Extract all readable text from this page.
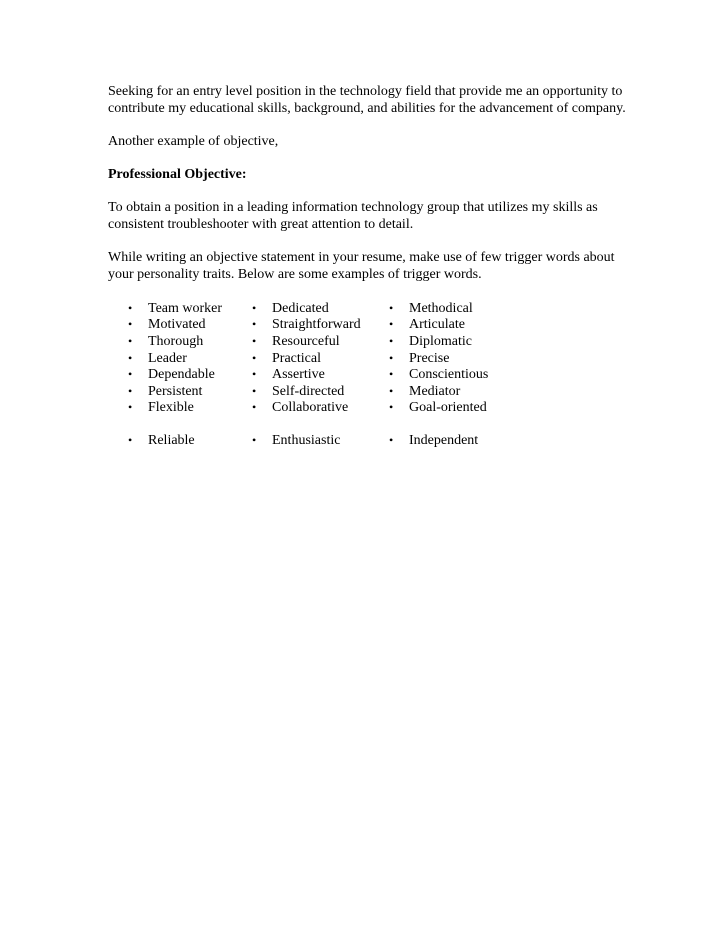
Seeking for an entry level position in the technology field that provide me an opportunity to contribute my educational skills, background, and abilities for the advancement of company.

Another example of objective,

Professional Objective:

To obtain a position in a leading information technology group that utilizes my skills as consistent troubleshooter with great attention to detail.

While writing an objective statement in your resume, make use of few trigger words about your personality traits. Below are some examples of trigger words.

•	Team worker
•	Motivated
•	Thorough
•	Leader
•	Dependable
•	Persistent
•	Flexible
•	Dedicated
•	Straightforward
•	Resourceful
•	Practical
•	Assertive
•	Self-directed
•	Collaborative
•	Methodical
•	Articulate
•	Diplomatic
•	Precise
•	Conscientious
•	Mediator
•	Goal-oriented
•	Reliable	•	Enthusiastic	•	Independent
